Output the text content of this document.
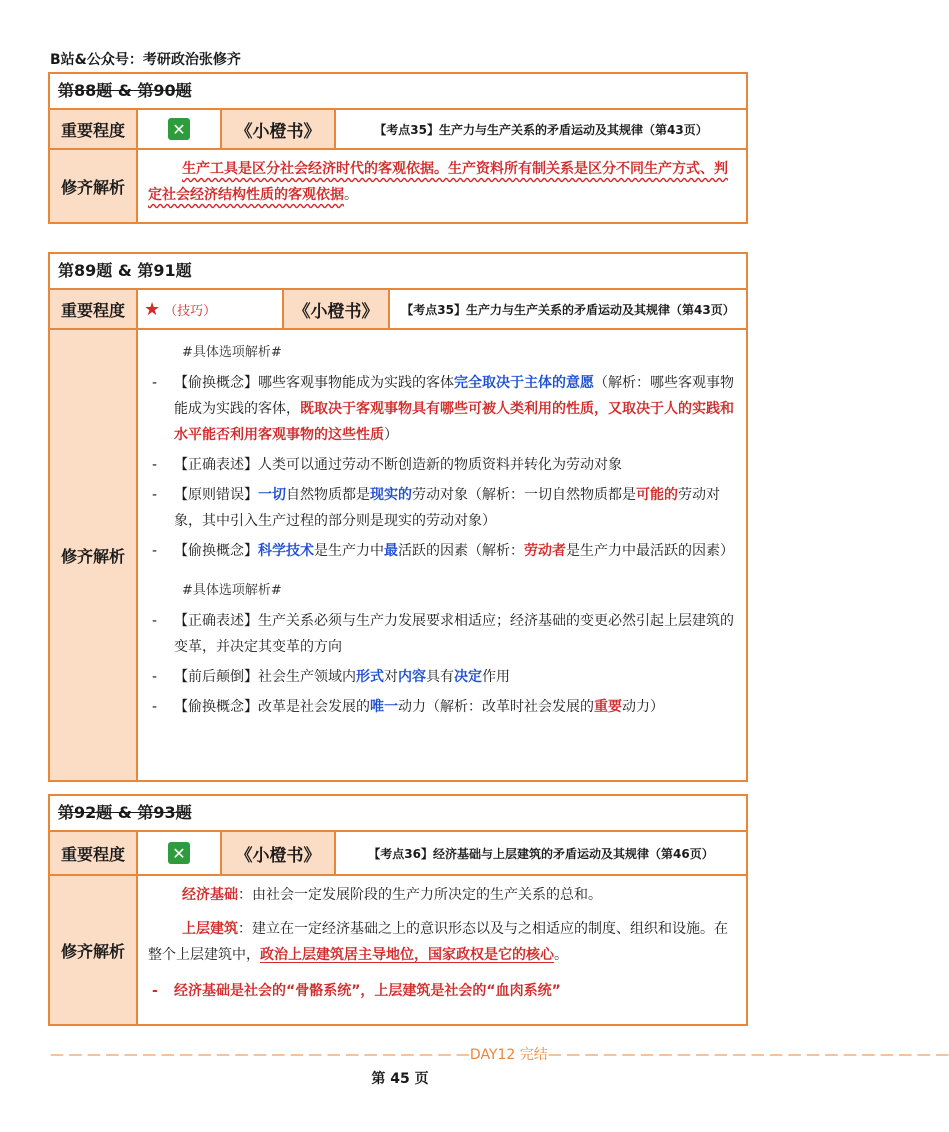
B站&公众号：考研政治张修齐
第88题 & 第90题
重要程度	✕	《小橙书》	【考点35】生产力与生产关系的矛盾运动及其规律（第43页）
修齐解析
生产工具是区分社会经济时代的客观依据。生产资料所有制关系是区分不同生产方式、判定社会经济结构性质的客观依据。
第89题 & 第91题
重要程度	★ （技巧）	《小橙书》	【考点35】生产力与生产关系的矛盾运动及其规律（第43页）
修齐解析
#具体选项解析#
-	【偷换概念】哪些客观事物能成为实践的客体完全取决于主体的意愿（解析：哪些客观事物能成为实践的客体，既取决于客观事物具有哪些可被人类利用的性质，又取决于人的实践和水平能否利用客观事物的这些性质）
-	【正确表述】人类可以通过劳动不断创造新的物质资料并转化为劳动对象
-	【原则错误】一切自然物质都是现实的劳动对象（解析：一切自然物质都是可能的劳动对象，其中引入生产过程的部分则是现实的劳动对象）
-	【偷换概念】科学技术是生产力中最活跃的因素（解析：劳动者是生产力中最活跃的因素）
#具体选项解析#
-	【正确表述】生产关系必须与生产力发展要求相适应；经济基础的变更必然引起上层建筑的变革，并决定其变革的方向
-	【前后颠倒】社会生产领域内形式对内容具有决定作用
-	【偷换概念】改革是社会发展的唯一动力（解析：改革时社会发展的重要动力）
第92题 & 第93题
重要程度	✕	《小橙书》	【考点36】经济基础与上层建筑的矛盾运动及其规律（第46页）
修齐解析
经济基础：由社会一定发展阶段的生产力所决定的生产关系的总和。
上层建筑：建立在一定经济基础之上的意识形态以及与之相适应的制度、组织和设施。在整个上层建筑中，政治上层建筑居主导地位，国家政权是它的核心。
-	经济基础是社会的“骨骼系统”，上层建筑是社会的“血肉系统”
— — — — — — — — — — — — — — — — — — — — — — —DAY12 完结— — — — — — — — — — — — — — — — — — — — — —
第 45 页
